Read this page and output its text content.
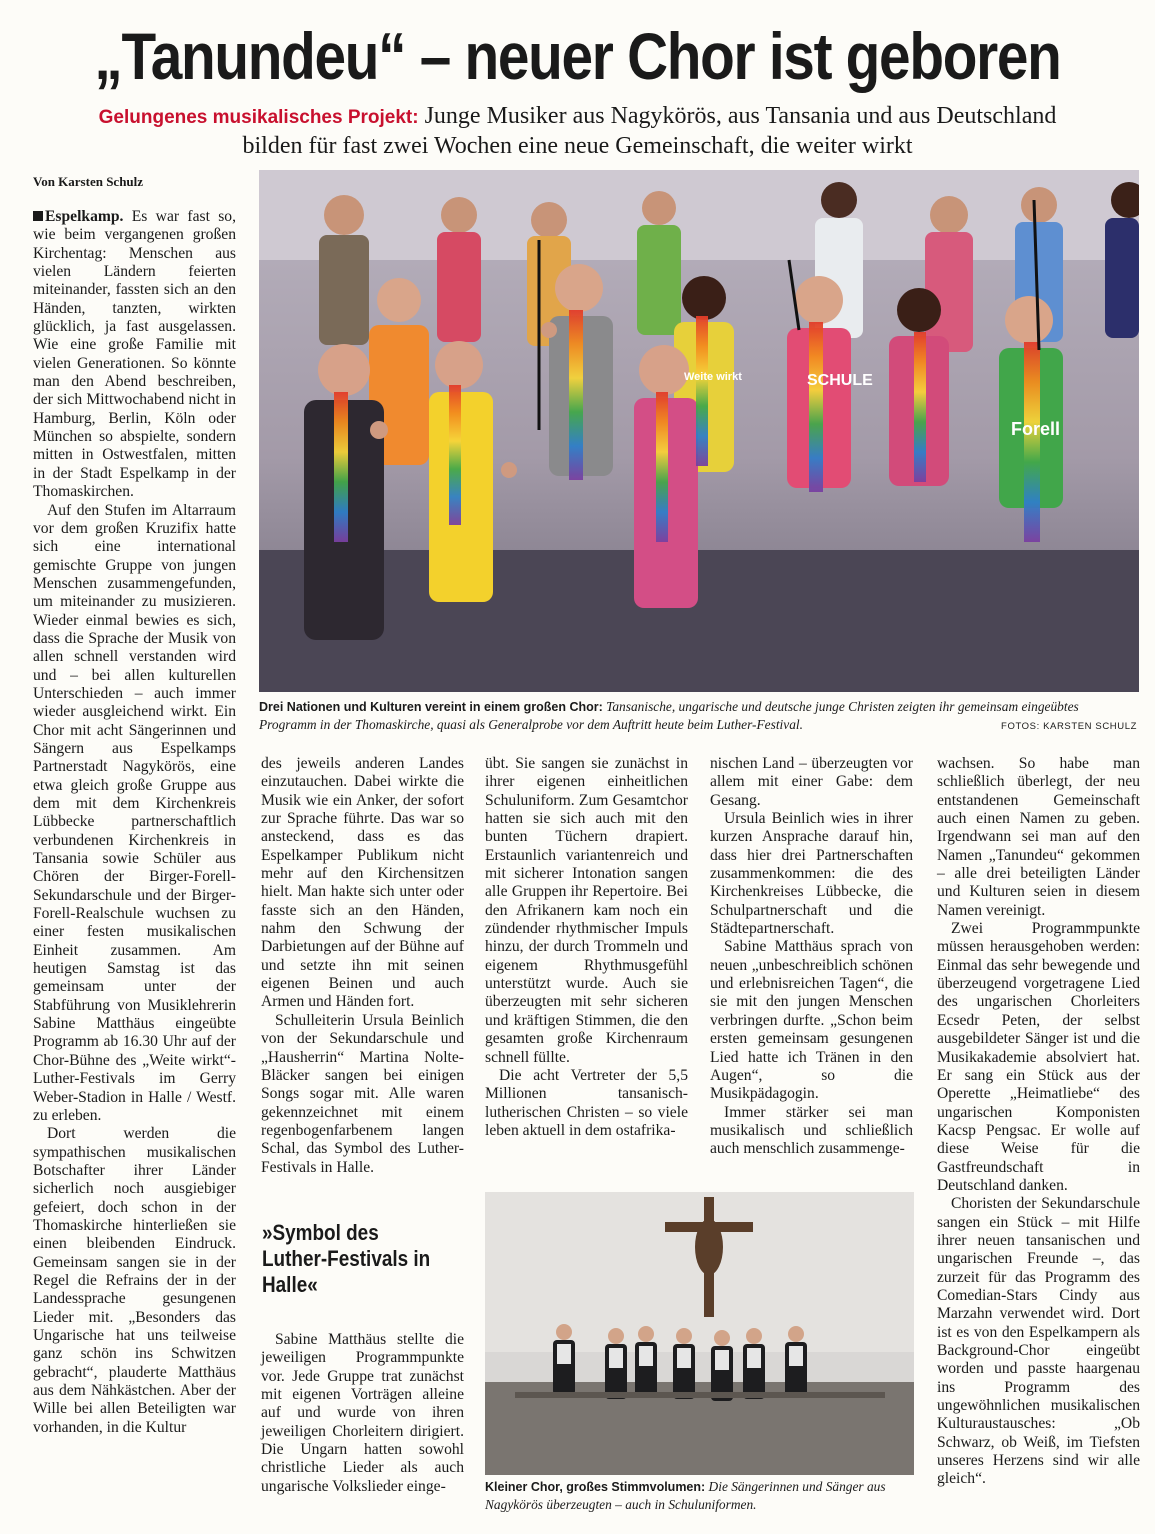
„Tanundeu“ – neuer Chor ist geboren
Gelungenes musikalisches Projekt: Junge Musiker aus Nagykörös, aus Tansania und aus Deutschland
bilden für fast zwei Wochen eine neue Gemeinschaft, die weiter wirkt
Von Karsten Schulz

Espelkamp. Es war fast so, wie beim vergangenen großen Kirchentag: Menschen aus vielen Ländern feierten miteinander, fassten sich an den Händen, tanzten, wirkten glücklich, ja fast ausgelassen. Wie eine große Familie mit vielen Generationen. So könnte man den Abend beschreiben, der sich Mittwochabend nicht in Hamburg, Berlin, Köln oder München so abspielte, sondern mitten in Ostwestfalen, mitten in der Stadt Espelkamp in der Thomaskirchen.

Auf den Stufen im Altarraum vor dem großen Kruzifix hatte sich eine international gemischte Gruppe von jungen Menschen zusammengefunden, um miteinander zu musizieren. Wieder einmal bewies es sich, dass die Sprache der Musik von allen schnell verstanden wird und – bei allen kulturellen Unterschieden – auch immer wieder ausgleichend wirkt. Ein Chor mit acht Sängerinnen und Sängern aus Espelkamps Partnerstadt Nagykörös, eine etwa gleich große Gruppe aus dem mit dem Kirchenkreis Lübbecke partnerschaftlich verbundenen Kirchenkreis in Tansania sowie Schüler aus Chören der Birger-Forell-Sekundarschule und der Birger-Forell-Realschule wuchsen zu einer festen musikalischen Einheit zusammen. Am heutigen Samstag ist das gemeinsam unter der Stabführung von Musiklehrerin Sabine Matthäus eingeübte Programm ab 16.30 Uhr auf der Chor-Bühne des „Weite wirkt“-Luther-Festivals im Gerry Weber-Stadion in Halle / Westf. zu erleben.

Dort werden die sympathischen musikalischen Botschafter ihrer Länder sicherlich noch ausgiebiger gefeiert, doch schon in der Thomaskirche hinterließen sie einen bleibenden Eindruck. Gemeinsam sangen sie in der Regel die Refrains der in der Landessprache gesungenen Lieder mit. „Besonders das Ungarische hat uns teilweise ganz schön ins Schwitzen gebracht“, plauderte Matthäus aus dem Nähkästchen. Aber der Wille bei allen Beteiligten war vorhanden, in die Kultur

SCHULE
Forell
Weite wirkt

Drei Nationen und Kulturen vereint in einem großen Chor: Tansanische, ungarische und deutsche junge Christen zeigten ihr gemeinsam eingeübtes Programm in der Thomaskirche, quasi als Generalprobe vor dem Auftritt heute beim Luther-Festival.	FOTOS: KARSTEN SCHULZ

des jeweils anderen Landes einzutauchen. Dabei wirkte die Musik wie ein Anker, der sofort zur Sprache führte. Das war so ansteckend, dass es das Espelkamper Publikum nicht mehr auf den Kirchensitzen hielt. Man hakte sich unter oder fasste sich an den Händen, nahm den Schwung der Darbietungen auf der Bühne auf und setzte ihn mit seinen eigenen Beinen und auch Armen und Händen fort.

Schulleiterin Ursula Beinlich von der Sekundarschule und „Hausherrin“ Martina Nolte-Bläcker sangen bei einigen Songs sogar mit. Alle waren gekennzeichnet mit einem regenbogenfarbenem langen Schal, das Symbol des Luther-Festivals in Halle.

»Symbol des Luther-Festivals in Halle«

Sabine Matthäus stellte die jeweiligen Programmpunkte vor. Jede Gruppe trat zunächst mit eigenen Vorträgen alleine auf und wurde von ihren jeweiligen Chorleitern dirigiert. Die Ungarn hatten sowohl christliche Lieder als auch ungarische Volkslieder einge-

übt. Sie sangen sie zunächst in ihrer eigenen einheitlichen Schuluniform. Zum Gesamtchor hatten sie sich auch mit den bunten Tüchern drapiert. Erstaunlich variantenreich und mit sicherer Intonation sangen alle Gruppen ihr Repertoire. Bei den Afrikanern kam noch ein zündender rhythmischer Impuls hinzu, der durch Trommeln und eigenem Rhythmusgefühl unterstützt wurde. Auch sie überzeugten mit sehr sicheren und kräftigen Stimmen, die den gesamten große Kirchenraum schnell füllte.

Die acht Vertreter der 5,5 Millionen tansanisch-lutherischen Christen – so viele leben aktuell in dem ostafrika-

nischen Land – überzeugten vor allem mit einer Gabe: dem Gesang.

Ursula Beinlich wies in ihrer kurzen Ansprache darauf hin, dass hier drei Partnerschaften zusammenkommen: die des Kirchenkreises Lübbecke, die Schulpartnerschaft und die Städtepartnerschaft.

Sabine Matthäus sprach von neuen „unbeschreiblich schönen und erlebnisreichen Tagen“, die sie mit den jungen Menschen verbringen durfte. „Schon beim ersten gemeinsam gesungenen Lied hatte ich Tränen in den Augen“, so die Musikpädagogin.

Immer stärker sei man musikalisch und schließlich auch menschlich zusammenge-

Kleiner Chor, großes Stimmvolumen: Die Sängerinnen und Sänger aus Nagykörös überzeugten – auch in Schuluniformen.

wachsen. So habe man schließlich überlegt, der neu entstandenen Gemeinschaft auch einen Namen zu geben. Irgendwann sei man auf den Namen „Tanundeu“ gekommen – alle drei beteiligten Länder und Kulturen seien in diesem Namen vereinigt.

Zwei Programmpunkte müssen herausgehoben werden: Einmal das sehr bewegende und überzeugend vorgetragene Lied des ungarischen Chorleiters Ecsedr Peten, der selbst ausgebildeter Sänger ist und die Musikakademie absolviert hat. Er sang ein Stück aus der Operette „Heimatliebe“ des ungarischen Komponisten Kacsp Pengsac. Er wolle auf diese Weise für die Gastfreundschaft in Deutschland danken.

Choristen der Sekundarschule sangen ein Stück – mit Hilfe ihrer neuen tansanischen und ungarischen Freunde –, das zurzeit für das Programm des Comedian-Stars Cindy aus Marzahn verwendet wird. Dort ist es von den Espelkampern als Background-Chor eingeübt worden und passte haargenau ins Programm des ungewöhnlichen musikalischen Kulturaustausches: „Ob Schwarz, ob Weiß, im Tiefsten unseres Herzens sind wir alle gleich“.
